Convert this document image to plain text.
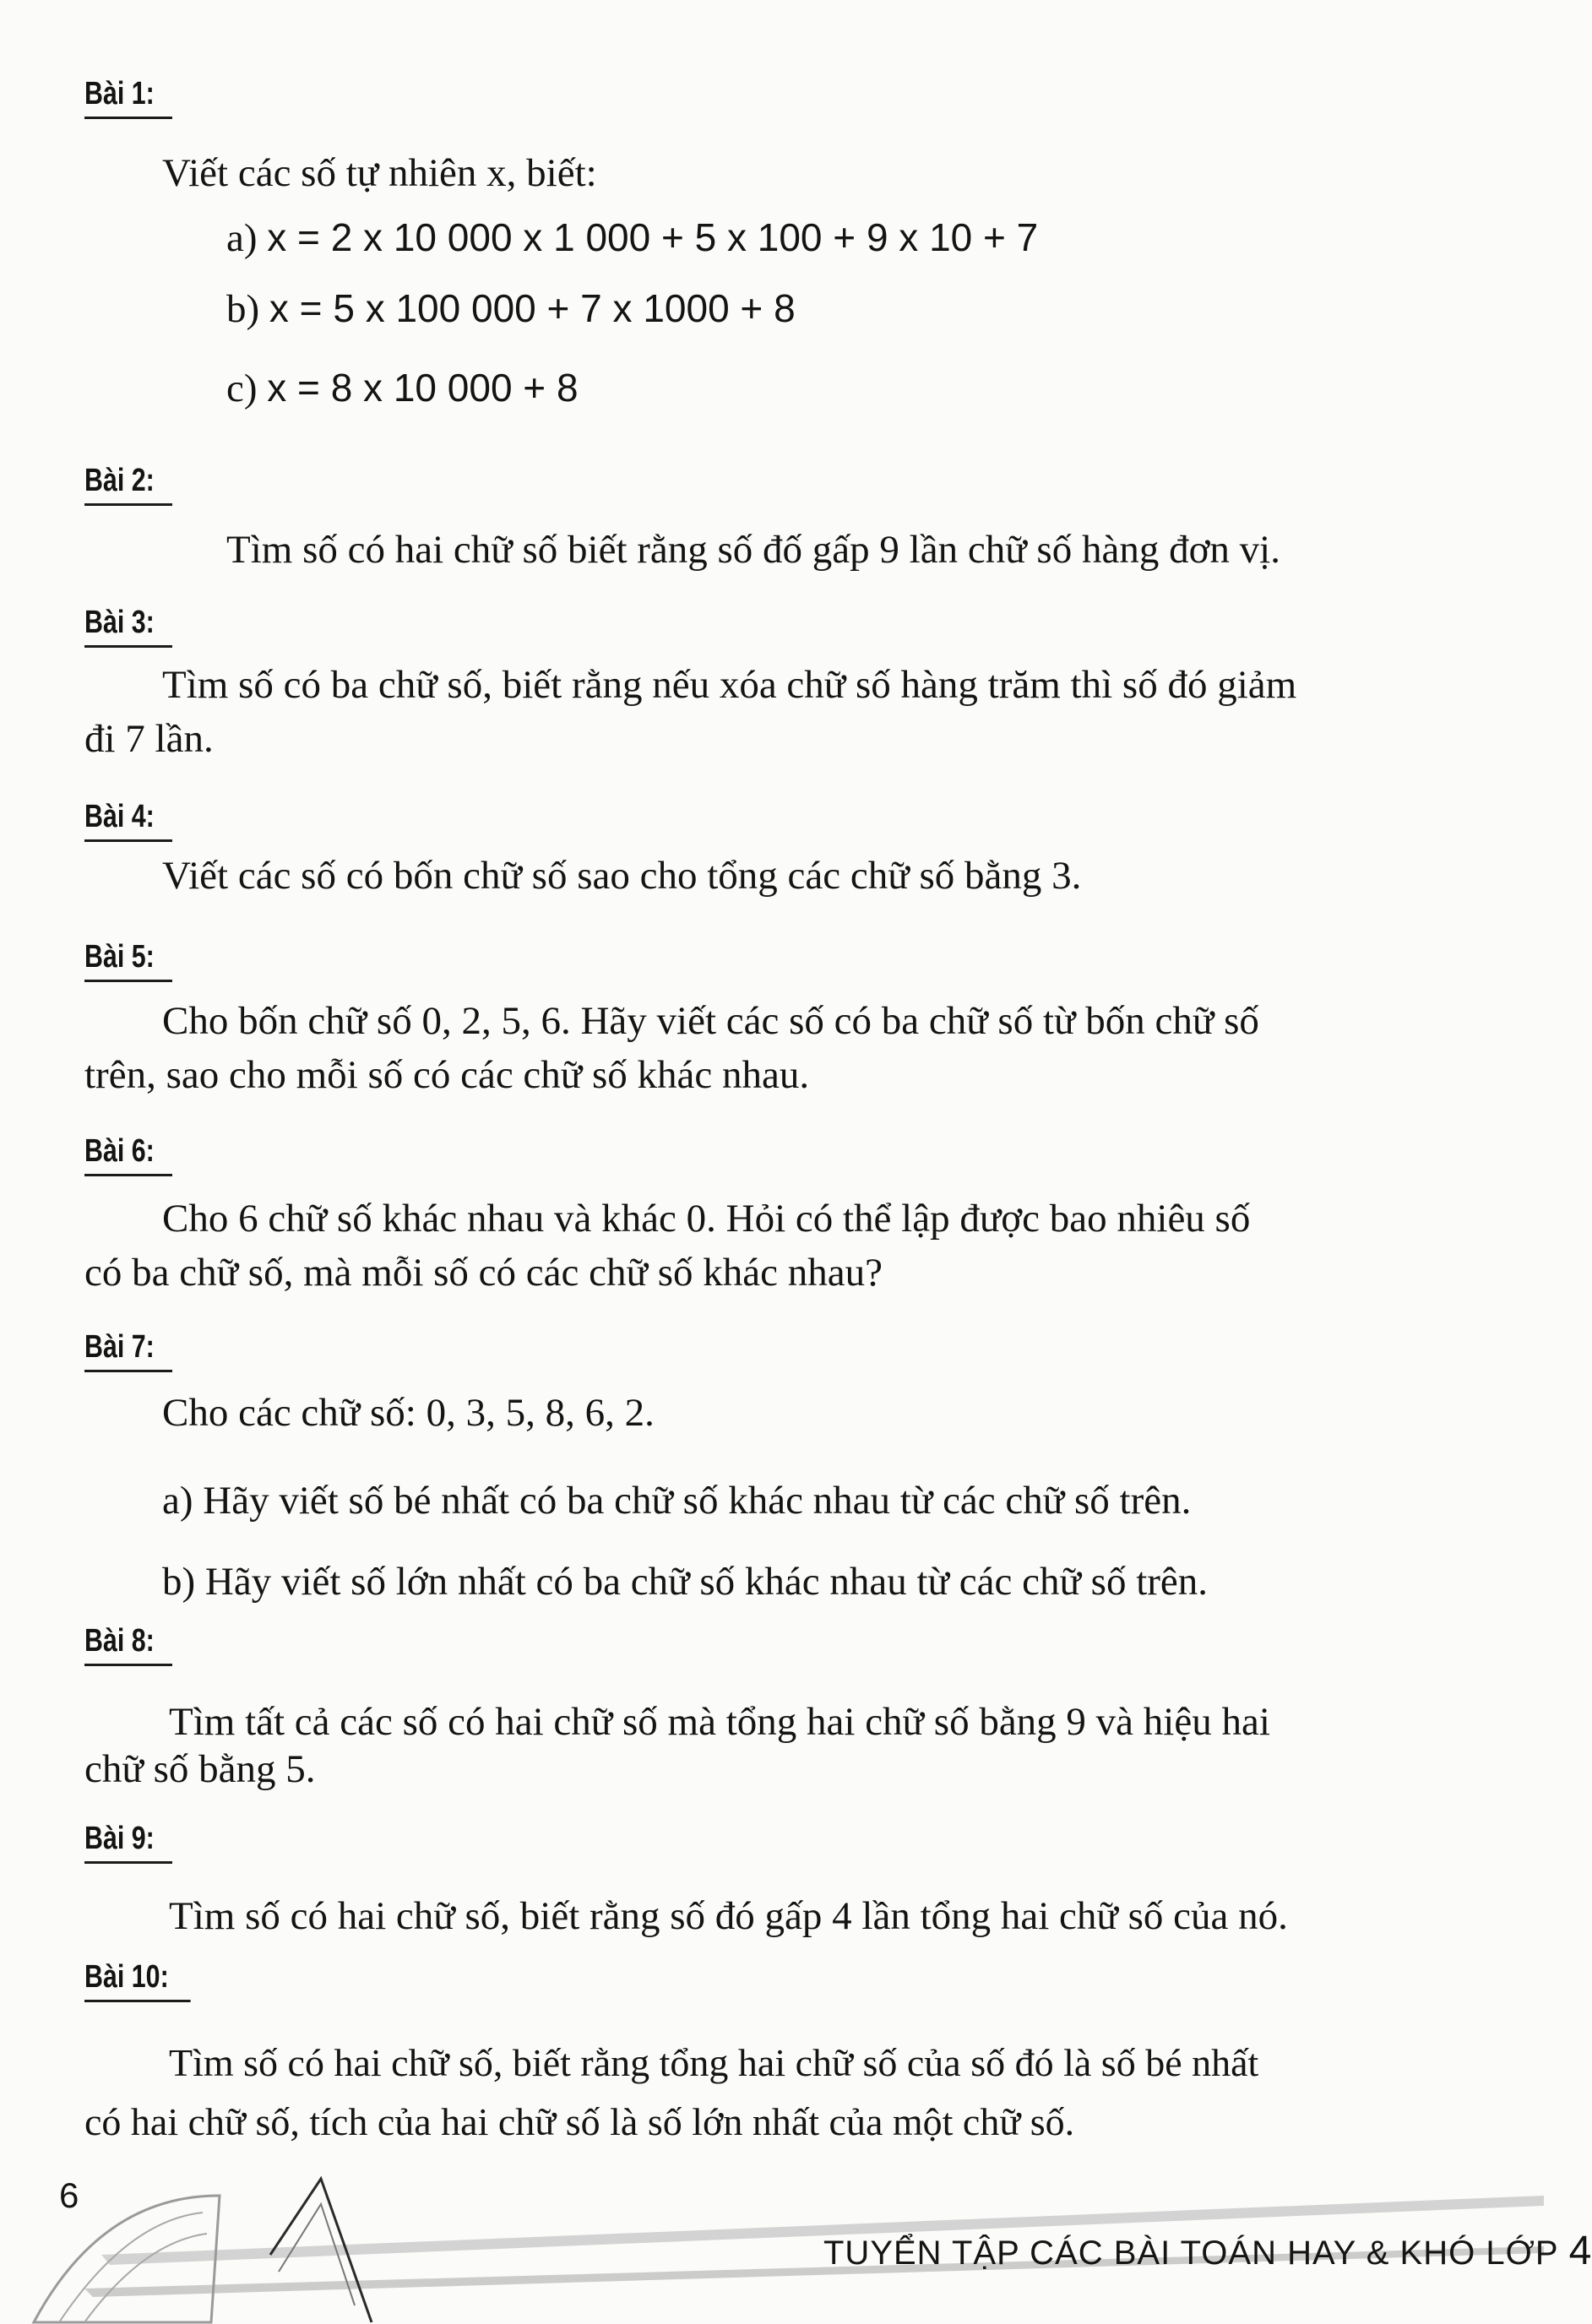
Bài 1:
Viết các số tự nhiên x, biết:
a) x = 2 x 10 000 x 1 000 + 5 x 100 + 9 x 10 + 7
b) x = 5 x 100 000 + 7 x 1000 + 8
c) x = 8 x 10 000 + 8
Bài 2:
Tìm số có hai chữ số biết rằng số đố gấp 9 lần chữ số hàng đơn vị.
Bài 3:
Tìm số có ba chữ số, biết rằng nếu xóa chữ số hàng trăm thì số đó giảm
đi 7 lần.
Bài 4:
Viết các số có bốn chữ số sao cho tổng các chữ số bằng 3.
Bài 5:
Cho bốn chữ số 0, 2, 5, 6. Hãy viết các số có ba chữ số từ bốn chữ số
trên, sao cho mỗi số có các chữ số khác nhau.
Bài 6:
Cho 6 chữ số khác nhau và khác 0. Hỏi có thể lập được bao nhiêu số
có ba chữ số, mà mỗi số có các chữ số khác nhau?
Bài 7:
Cho các chữ số: 0, 3, 5, 8, 6, 2.
a) Hãy viết số bé nhất có ba chữ số khác nhau từ các chữ số trên.
b) Hãy viết số lớn nhất có ba chữ số khác nhau từ các chữ số trên.
Bài 8:
Tìm tất cả các số có hai chữ số mà tổng hai chữ số bằng 9 và hiệu hai
chữ số bằng 5.
Bài 9:
Tìm số có hai chữ số, biết rằng số đó gấp 4 lần tổng hai chữ số của nó.
Bài 10:
Tìm số có hai chữ số, biết rằng tổng hai chữ số của số đó là số bé nhất
có hai chữ số, tích của hai chữ số là số lớn nhất của một chữ số.
6
TUYỂN TẬP CÁC BÀI TOÁN HAY & KHÓ LỚP 4
